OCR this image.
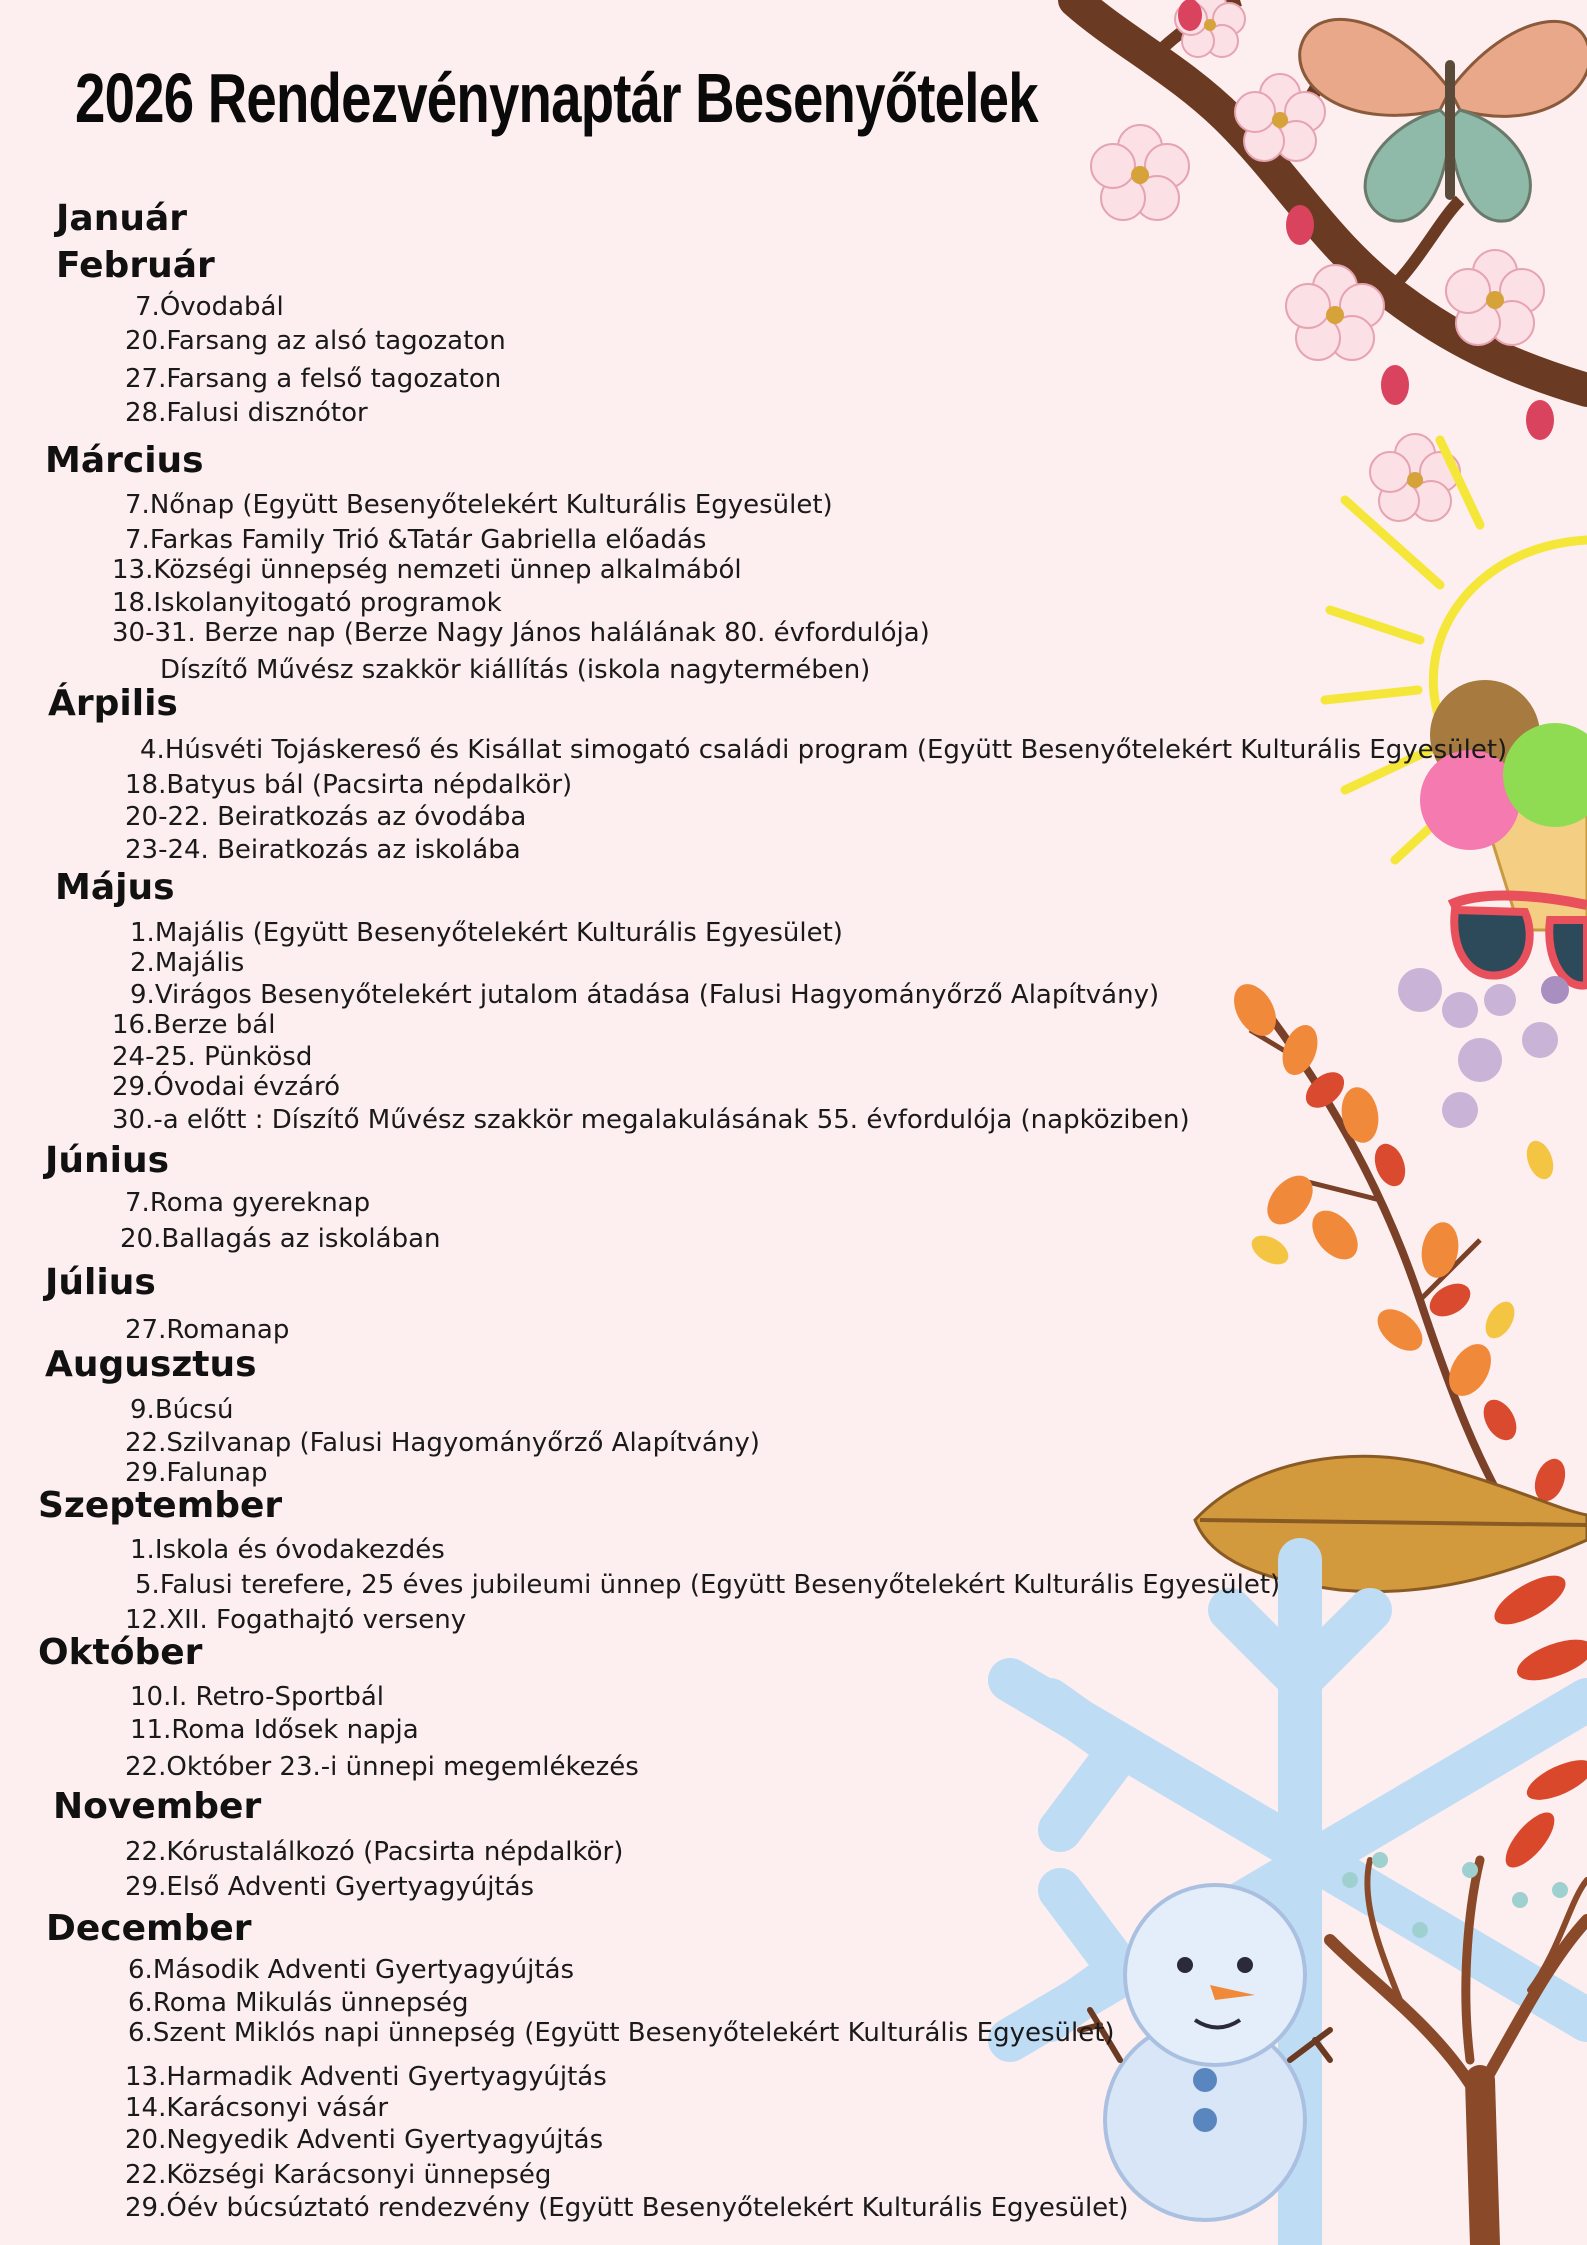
2026 Rendezvénynaptár Besenyőtelek
Január
Február
7.Óvodabál
20.Farsang az alsó tagozaton
27.Farsang a felső tagozaton
28.Falusi disznótor
Március
7.Nőnap (Együtt Besenyőtelekért Kulturális Egyesület)
7.Farkas Family Trió &Tatár Gabriella előadás
13.Községi ünnepség nemzeti ünnep alkalmából
18.Iskolanyitogató programok
30-31. Berze nap (Berze Nagy János halálának 80. évfordulója)
Díszítő Művész szakkör kiállítás (iskola nagytermében)
Árpilis
4.Húsvéti Tojáskereső és Kisállat simogató családi program (Együtt Besenyőtelekért Kulturális Egyesület)
18.Batyus bál (Pacsirta népdalkör)
20-22. Beiratkozás az óvodába
23-24. Beiratkozás az iskolába
Május
1.Majális (Együtt Besenyőtelekért Kulturális Egyesület)
2.Majális
9.Virágos Besenyőtelekért jutalom átadása (Falusi Hagyományőrző Alapítvány)
16.Berze bál
24-25. Pünkösd
29.Óvodai évzáró
30.-a előtt : Díszítő Művész szakkör megalakulásának 55. évfordulója (napköziben)
Június
7.Roma gyereknap
20.Ballagás az iskolában
Július
27.Romanap
Augusztus
9.Búcsú
22.Szilvanap (Falusi Hagyományőrző Alapítvány)
29.Falunap
Szeptember
1.Iskola és óvodakezdés
5.Falusi terefere, 25 éves jubileumi ünnep (Együtt Besenyőtelekért Kulturális Egyesület)
12.XII. Fogathajtó verseny
Október
10.I. Retro-Sportbál
11.Roma Idősek napja
22.Október 23.-i ünnepi megemlékezés
November
22.Kórustalálkozó (Pacsirta népdalkör)
29.Első Adventi Gyertyagyújtás
December
6.Második Adventi Gyertyagyújtás
6.Roma Mikulás ünnepség
6.Szent Miklós napi ünnepség (Együtt Besenyőtelekért Kulturális Egyesület)
13.Harmadik Adventi Gyertyagyújtás
14.Karácsonyi vásár
20.Negyedik Adventi Gyertyagyújtás
22.Községi Karácsonyi ünnepség
29.Óév búcsúztató rendezvény (Együtt Besenyőtelekért Kulturális Egyesület)
